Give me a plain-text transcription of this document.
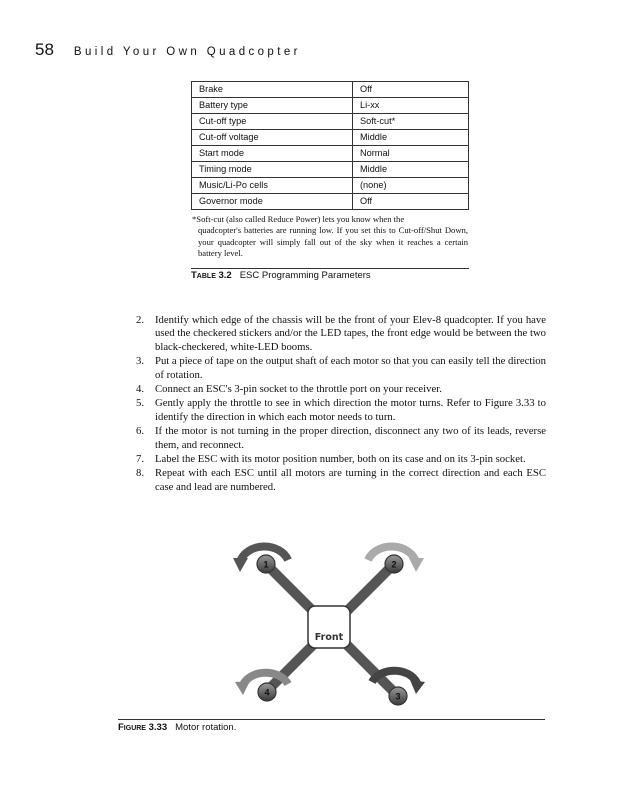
58 Build Your Own Quadcopter
Brake	Off
Battery type	Li-xx
Cut-off type	Soft-cut*
Cut-off voltage	Middle
Start mode	Normal
Timing mode	Middle
Music/Li-Po cells	(none)
Governor mode	Off
*Soft-cut (also called Reduce Power) lets you know when the
quadcopter's batteries are running low. If you set this to Cut-off/Shut Down, your quadcopter will simply fall out of the sky when it reaches a certain battery level.
Table 3.2 ESC Programming Parameters
2.	Identify which edge of the chassis will be the front of your Elev-8 quadcopter. If you have used the checkered stickers and/or the LED tapes, the front edge would be between the two black-checkered, white-LED booms.
3.	Put a piece of tape on the output shaft of each motor so that you can easily tell the direction of rotation.
4.	Connect an ESC's 3-pin socket to the throttle port on your receiver.
5.	Gently apply the throttle to see in which direction the motor turns. Refer to Figure 3.33 to identify the direction in which each motor needs to turn.
6.	If the motor is not turning in the proper direction, disconnect any two of its leads, reverse them, and reconnect.
7.	Label the ESC with its motor position number, both on its case and on its 3-pin socket.
8.	Repeat with each ESC until all motors are turning in the correct direction and each ESC case and lead are numbered.
1	2
3
4
Front
Figure 3.33 Motor rotation.
